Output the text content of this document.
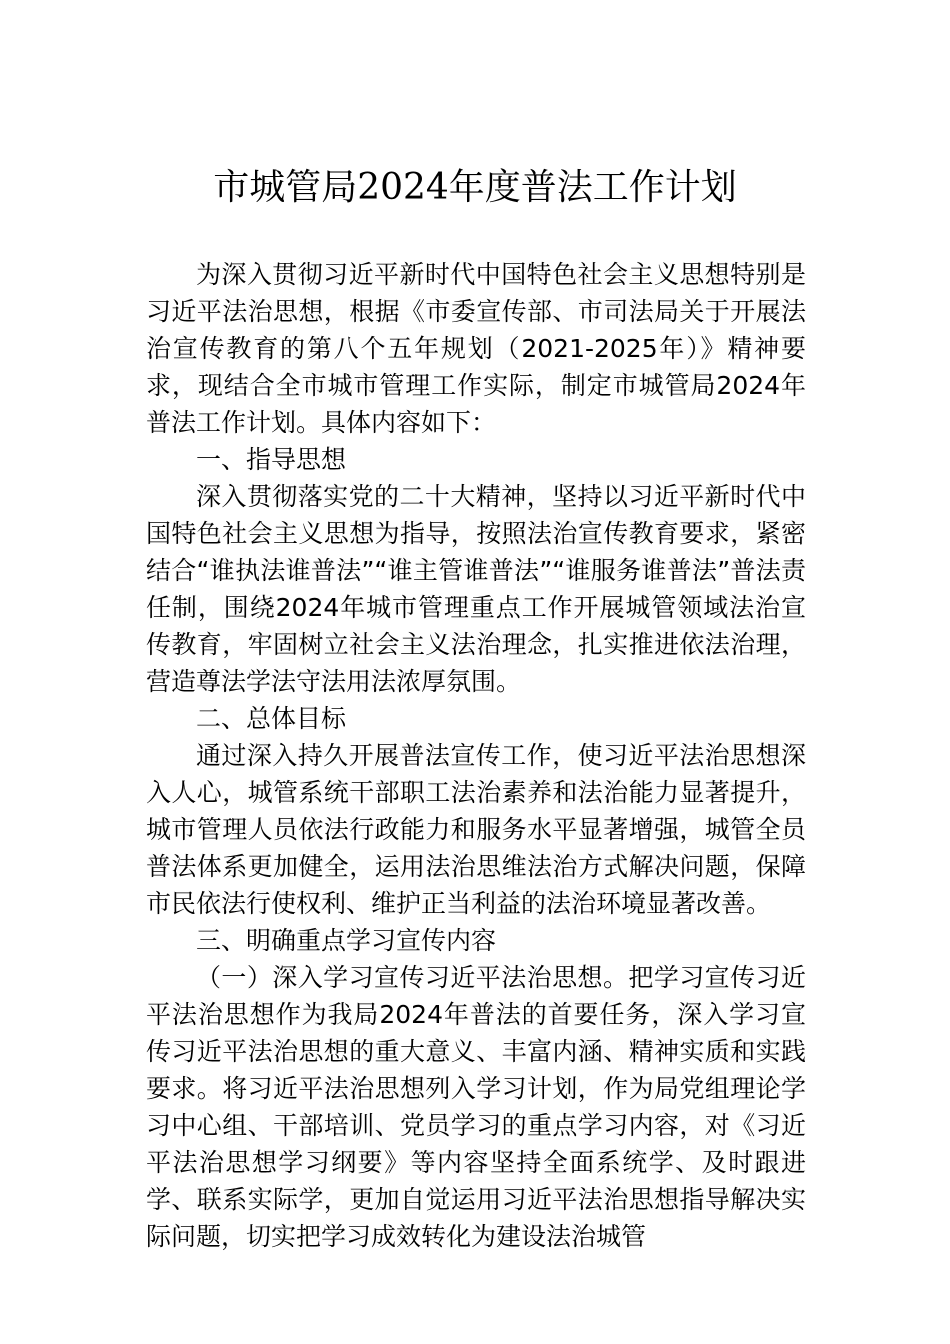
市城管局2024年度普法工作计划

为深入贯彻习近平新时代中国特色社会主义思想特别是习近平法治思想，根据《市委宣传部、市司法局关于开展法治宣传教育的第八个五年规划（2021-2025年）》精神要求，现结合全市城市管理工作实际，制定市城管局2024年普法工作计划。具体内容如下：

一、指导思想

深入贯彻落实党的二十大精神，坚持以习近平新时代中国特色社会主义思想为指导，按照法治宣传教育要求，紧密结合“谁执法谁普法”“谁主管谁普法”“谁服务谁普法”普法责任制，围绕2024年城市管理重点工作开展城管领域法治宣传教育，牢固树立社会主义法治理念，扎实推进依法治理，营造尊法学法守法用法浓厚氛围。

二、总体目标

通过深入持久开展普法宣传工作，使习近平法治思想深入人心，城管系统干部职工法治素养和法治能力显著提升，城市管理人员依法行政能力和服务水平显著增强，城管全员普法体系更加健全，运用法治思维法治方式解决问题，保障市民依法行使权利、维护正当利益的法治环境显著改善。

三、明确重点学习宣传内容

（一）深入学习宣传习近平法治思想。把学习宣传习近平法治思想作为我局2024年普法的首要任务，深入学习宣传习近平法治思想的重大意义、丰富内涵、精神实质和实践要求。将习近平法治思想列入学习计划，作为局党组理论学习中心组、干部培训、党员学习的重点学习内容，对《习近平法治思想学习纲要》等内容坚持全面系统学、及时跟进学、联系实际学，更加自觉运用习近平法治思想指导解决实际问题，切实把学习成效转化为建设法治城管
